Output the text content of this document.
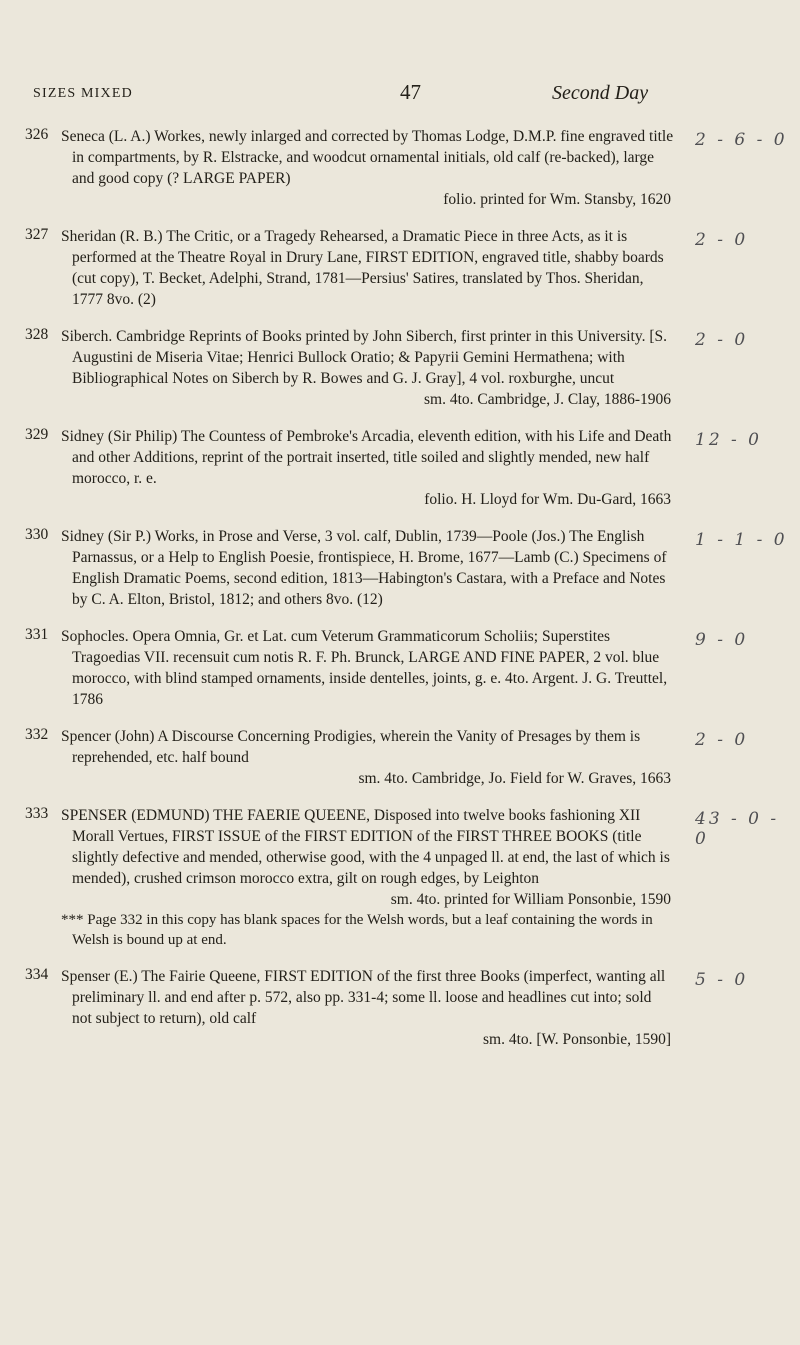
SIZES MIXED	47	Second Day
326 Seneca (L. A.) Workes, newly inlarged and corrected by Thomas Lodge, D.M.P. fine engraved title in compartments, by R. Elstracke, and woodcut ornamental initials, old calf (re-backed), large and good copy (? LARGE PAPER)

folio. printed for Wm. Stansby, 1620

2 - 6 - 0
327 Sheridan (R. B.) The Critic, or a Tragedy Rehearsed, a Dramatic Piece in three Acts, as it is performed at the Theatre Royal in Drury Lane, FIRST EDITION, engraved title, shabby boards (cut copy), T. Becket, Adelphi, Strand, 1781—Persius' Satires, translated by Thos. Sheridan, 1777 8vo. (2)

2 - 0
328 Siberch. Cambridge Reprints of Books printed by John Siberch, first printer in this University. [S. Augustini de Miseria Vitae; Henrici Bullock Oratio; & Papyrii Gemini Hermathena; with Bibliographical Notes on Siberch by R. Bowes and G. J. Gray], 4 vol. roxburghe, uncut

sm. 4to. Cambridge, J. Clay, 1886-1906

2 - 0
329 Sidney (Sir Philip) The Countess of Pembroke's Arcadia, eleventh edition, with his Life and Death and other Additions, reprint of the portrait inserted, title soiled and slightly mended, new half morocco, r. e.

folio. H. Lloyd for Wm. Du-Gard, 1663

12 - 0
330 Sidney (Sir P.) Works, in Prose and Verse, 3 vol. calf, Dublin, 1739—Poole (Jos.) The English Parnassus, or a Help to English Poesie, frontispiece, H. Brome, 1677—Lamb (C.) Specimens of English Dramatic Poems, second edition, 1813—Habington's Castara, with a Preface and Notes by C. A. Elton, Bristol, 1812; and others 8vo. (12)

1 - 1 - 0
331 Sophocles. Opera Omnia, Gr. et Lat. cum Veterum Grammaticorum Scholiis; Superstites Tragoedias VII. recensuit cum notis R. F. Ph. Brunck, LARGE AND FINE PAPER, 2 vol. blue morocco, with blind stamped ornaments, inside dentelles, joints, g. e. 4to. Argent. J. G. Treuttel, 1786

9 - 0
332 Spencer (John) A Discourse Concerning Prodigies, wherein the Vanity of Presages by them is reprehended, etc. half bound

sm. 4to. Cambridge, Jo. Field for W. Graves, 1663

2 - 0
333 SPENSER (EDMUND) THE FAERIE QUEENE, Disposed into twelve books fashioning XII Morall Vertues, FIRST ISSUE of the FIRST EDITION of the FIRST THREE BOOKS (title slightly defective and mended, otherwise good, with the 4 unpaged ll. at end, the last of which is mended), crushed crimson morocco extra, gilt on rough edges, by Leighton

sm. 4to. printed for William Ponsonbie, 1590

*** Page 332 in this copy has blank spaces for the Welsh words, but a leaf containing the words in Welsh is bound up at end.

43 - 0 - 0
334 Spenser (E.) The Fairie Queene, FIRST EDITION of the first three Books (imperfect, wanting all preliminary ll. and end after p. 572, also pp. 331-4; some ll. loose and headlines cut into; sold not subject to return), old calf

sm. 4to. [W. Ponsonbie, 1590]

5 - 0
